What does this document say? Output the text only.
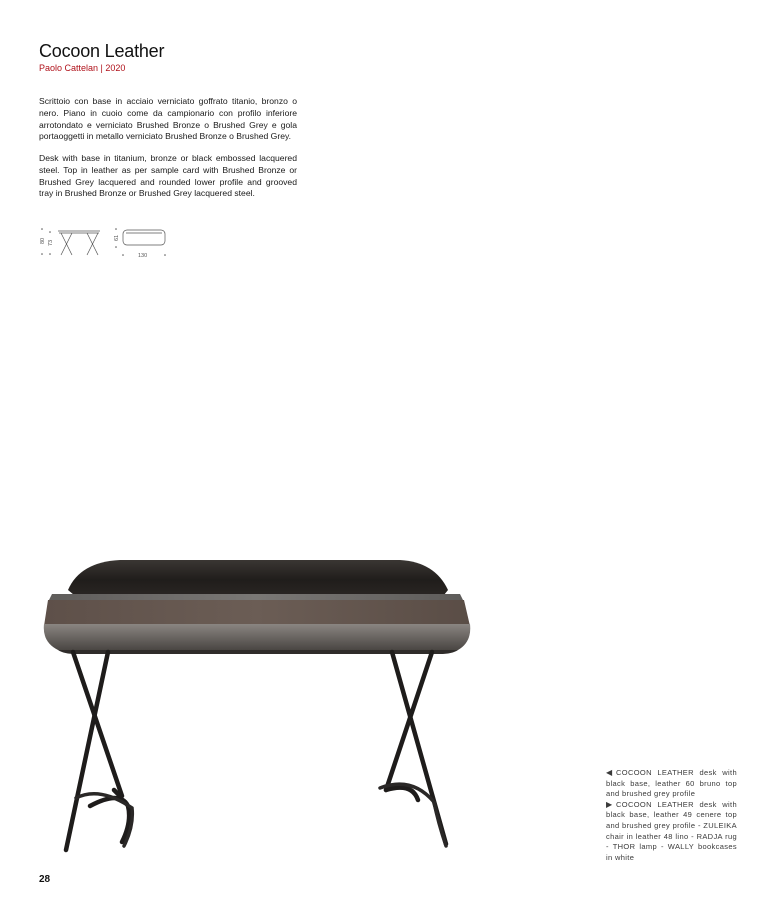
Cocoon Leather
Paolo Cattelan | 2020

Scrittoio con base in acciaio verniciato goffrato titanio, bronzo o nero. Piano in cuoio come da campionario con profilo inferiore arrotondato e verniciato Brushed Bronze o Brushed Grey e gola portaoggetti in metallo verniciato Brushed Bronze o Brushed Grey.

Desk with base in titanium, bronze or black embossed lacquered steel. Top in leather as per sample card with Brushed Bronze or Brushed Grey lacquered and rounded lower profile and grooved tray in Brushed Bronze or Brushed Grey lacquered steel.

80 73
61
130
◀ COCOON LEATHER desk with black base, leather 60 bruno top and brushed grey profile
▶ COCOON LEATHER desk with black base, leather 49 cenere top and brushed grey profile - ZULEIKA chair in leather 48 lino - RADJA rug - THOR lamp - WALLY bookcases in white
28
